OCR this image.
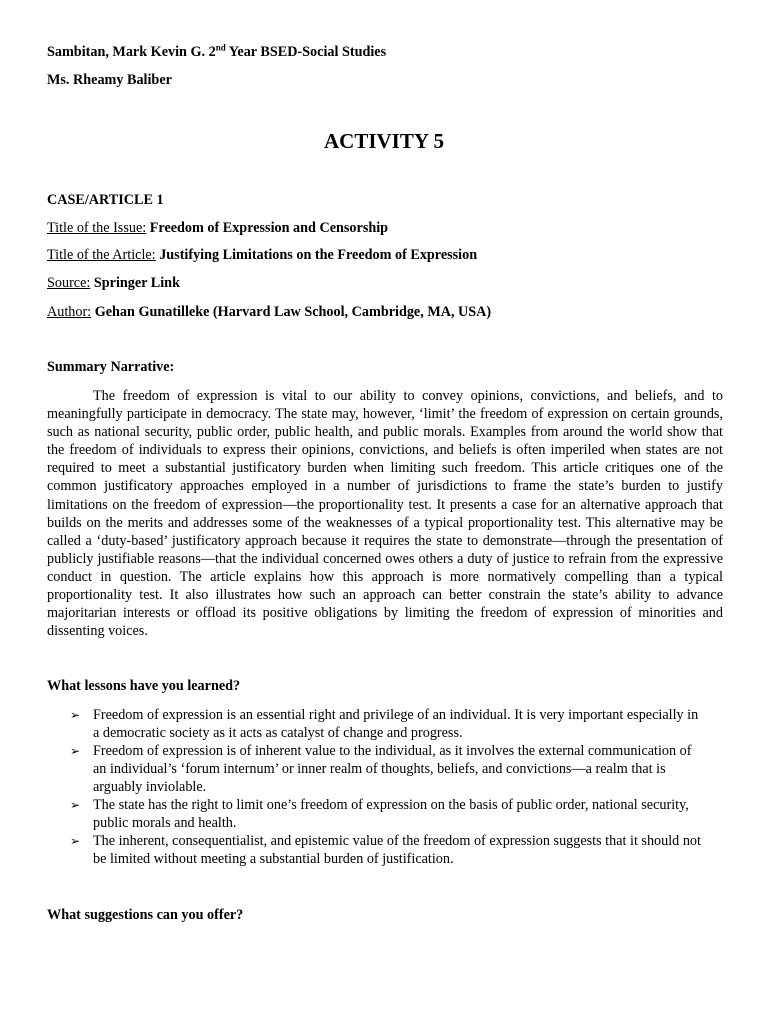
Sambitan, Mark Kevin G. 2nd Year BSED-Social Studies
Ms. Rheamy Baliber
ACTIVITY 5
CASE/ARTICLE 1
Title of the Issue: Freedom of Expression and Censorship
Title of the Article: Justifying Limitations on the Freedom of Expression
Source: Springer Link
Author: Gehan Gunatilleke (Harvard Law School, Cambridge, MA, USA)
Summary Narrative:
The freedom of expression is vital to our ability to convey opinions, convictions, and beliefs, and to meaningfully participate in democracy. The state may, however, ‘limit’ the freedom of expression on certain grounds, such as national security, public order, public health, and public morals. Examples from around the world show that the freedom of individuals to express their opinions, convictions, and beliefs is often imperiled when states are not required to meet a substantial justificatory burden when limiting such freedom. This article critiques one of the common justificatory approaches employed in a number of jurisdictions to frame the state’s burden to justify limitations on the freedom of expression—the proportionality test. It presents a case for an alternative approach that builds on the merits and addresses some of the weaknesses of a typical proportionality test. This alternative may be called a ‘duty-based’ justificatory approach because it requires the state to demonstrate—through the presentation of publicly justifiable reasons—that the individual concerned owes others a duty of justice to refrain from the expressive conduct in question. The article explains how this approach is more normatively compelling than a typical proportionality test. It also illustrates how such an approach can better constrain the state’s ability to advance majoritarian interests or offload its positive obligations by limiting the freedom of expression of minorities and dissenting voices.
What lessons have you learned?
➢ Freedom of expression is an essential right and privilege of an individual. It is very important especially in a democratic society as it acts as catalyst of change and progress.
➢ Freedom of expression is of inherent value to the individual, as it involves the external communication of an individual’s ‘forum internum’ or inner realm of thoughts, beliefs, and convictions—a realm that is arguably inviolable.
➢ The state has the right to limit one’s freedom of expression on the basis of public order, national security, public morals and health.
➢ The inherent, consequentialist, and epistemic value of the freedom of expression suggests that it should not be limited without meeting a substantial burden of justification.
What suggestions can you offer?
